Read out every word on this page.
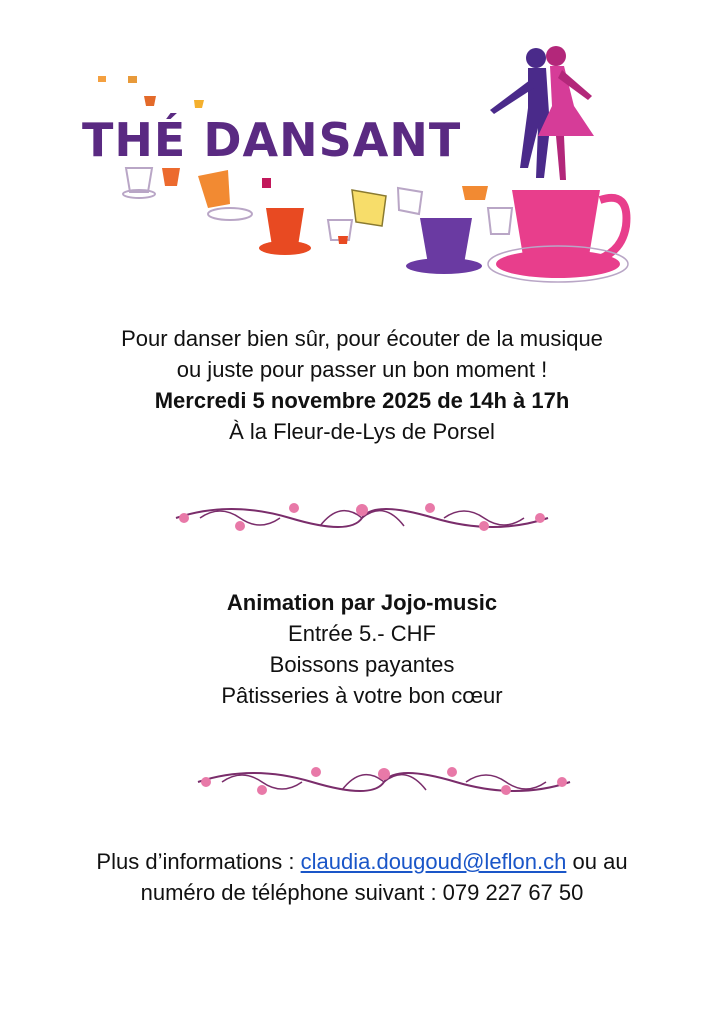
THÉ DANSANT

Pour danser bien sûr, pour écouter de la musique

ou juste pour passer un bon moment !

Mercredi 5 novembre 2025 de 14h à 17h

À la Fleur-de-Lys de Porsel

Animation par Jojo-music

Entrée 5.- CHF

Boissons payantes

Pâtisseries à votre bon cœur

Plus d’informations : claudia.dougoud@leflon.ch ou au

numéro de téléphone suivant : 079 227 67 50
